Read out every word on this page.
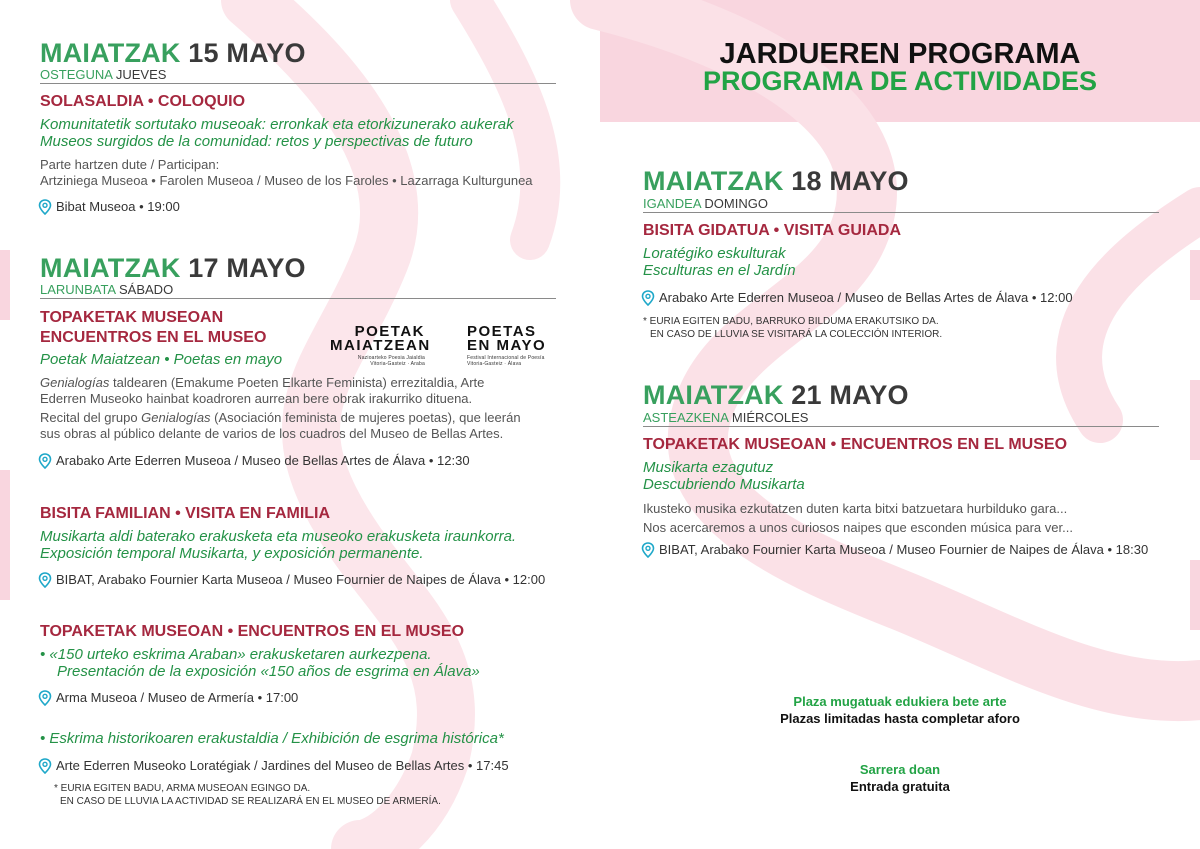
MAIATZAK 15 MAYO
OSTEGUNA JUEVES
SOLASALDIA • COLOQUIO
Komunitatetik sortutako museoak: erronkak eta etorkizunerako aukerak
Museos surgidos de la comunidad: retos y perspectivas de futuro
Parte hartzen dute / Participan:
Artziniega Museoa • Farolen Museoa / Museo de los Faroles • Lazarraga Kulturgunea
Bibat Museoa • 19:00
MAIATZAK 17 MAYO
LARUNBATA SÁBADO
TOPAKETAK MUSEOAN
ENCUENTROS EN EL MUSEO
Poetak Maiatzean • Poetas en mayo
POETAK
MAIATZEAN
Nazioarteko Poesia Jaialdia
Vitoria-Gasteiz · Araba
POETAS
EN MAYO
Festival Internacional de Poesía
Vitoria-Gasteiz · Álava
Genialogías taldearen (Emakume Poeten Elkarte Feminista) errezitaldia, Arte
Ederren Museoko hainbat koadroren aurrean bere obrak irakurriko dituena.
Recital del grupo Genialogías (Asociación feminista de mujeres poetas), que leerán
sus obras al público delante de varios de los cuadros del Museo de Bellas Artes.
Arabako Arte Ederren Museoa / Museo de Bellas Artes de Álava • 12:30
BISITA FAMILIAN • VISITA EN FAMILIA
Musikarta aldi baterako erakusketa eta museoko erakusketa iraunkorra.
Exposición temporal Musikarta, y exposición permanente.
BIBAT, Arabako Fournier Karta Museoa / Museo Fournier de Naipes de Álava • 12:00
TOPAKETAK MUSEOAN • ENCUENTROS EN EL MUSEO
• «150 urteko eskrima Araban» erakusketaren aurkezpena.
Presentación de la exposición «150 años de esgrima en Álava»
Arma Museoa / Museo de Armería • 17:00
• Eskrima historikoaren erakustaldia / Exhibición de esgrima histórica*
Arte Ederren Museoko Loratégiak / Jardines del Museo de Bellas Artes • 17:45
* EURIA EGITEN BADU, ARMA MUSEOAN EGINGO DA.
EN CASO DE LLUVIA LA ACTIVIDAD SE REALIZARÁ EN EL MUSEO DE ARMERÍA.
JARDUEREN PROGRAMA
PROGRAMA DE ACTIVIDADES
MAIATZAK 18 MAYO
IGANDEA DOMINGO
BISITA GIDATUA • VISITA GUIADA
Loratégiko eskulturak
Esculturas en el Jardín
Arabako Arte Ederren Museoa / Museo de Bellas Artes de Álava • 12:00
* EURIA EGITEN BADU, BARRUKO BILDUMA ERAKUTSIKO DA.
EN CASO DE LLUVIA SE VISITARÁ LA COLECCIÓN INTERIOR.
MAIATZAK 21 MAYO
ASTEAZKENA MIÉRCOLES
TOPAKETAK MUSEOAN • ENCUENTROS EN EL MUSEO
Musikarta ezagutuz
Descubriendo Musikarta
Ikusteko musika ezkutatzen duten karta bitxi batzuetara hurbilduko gara...
Nos acercaremos a unos curiosos naipes que esconden música para ver...
BIBAT, Arabako Fournier Karta Museoa / Museo Fournier de Naipes de Álava • 18:30
Plaza mugatuak edukiera bete arte
Plazas limitadas hasta completar aforo
Sarrera doan
Entrada gratuita
